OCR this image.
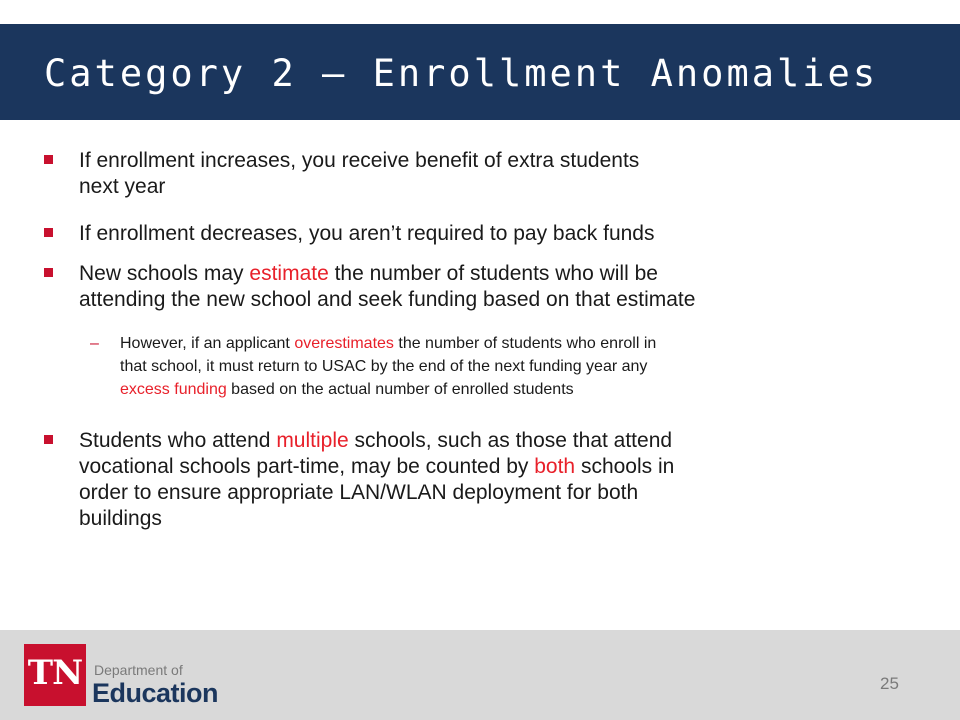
Category 2 – Enrollment Anomalies
If enrollment increases, you receive benefit of extra students
next year
If enrollment decreases, you aren’t required to pay back funds
New schools may estimate the number of students who will be
attending the new school and seek funding based on that estimate
– However, if an applicant overestimates the number of students who enroll in
that school, it must return to USAC by the end of the next funding year any
excess funding based on the actual number of enrolled students
Students who attend multiple schools, such as those that attend
vocational schools part-time, may be counted by both schools in
order to ensure appropriate LAN/WLAN deployment for both
buildings
TN Department of
Education	25
